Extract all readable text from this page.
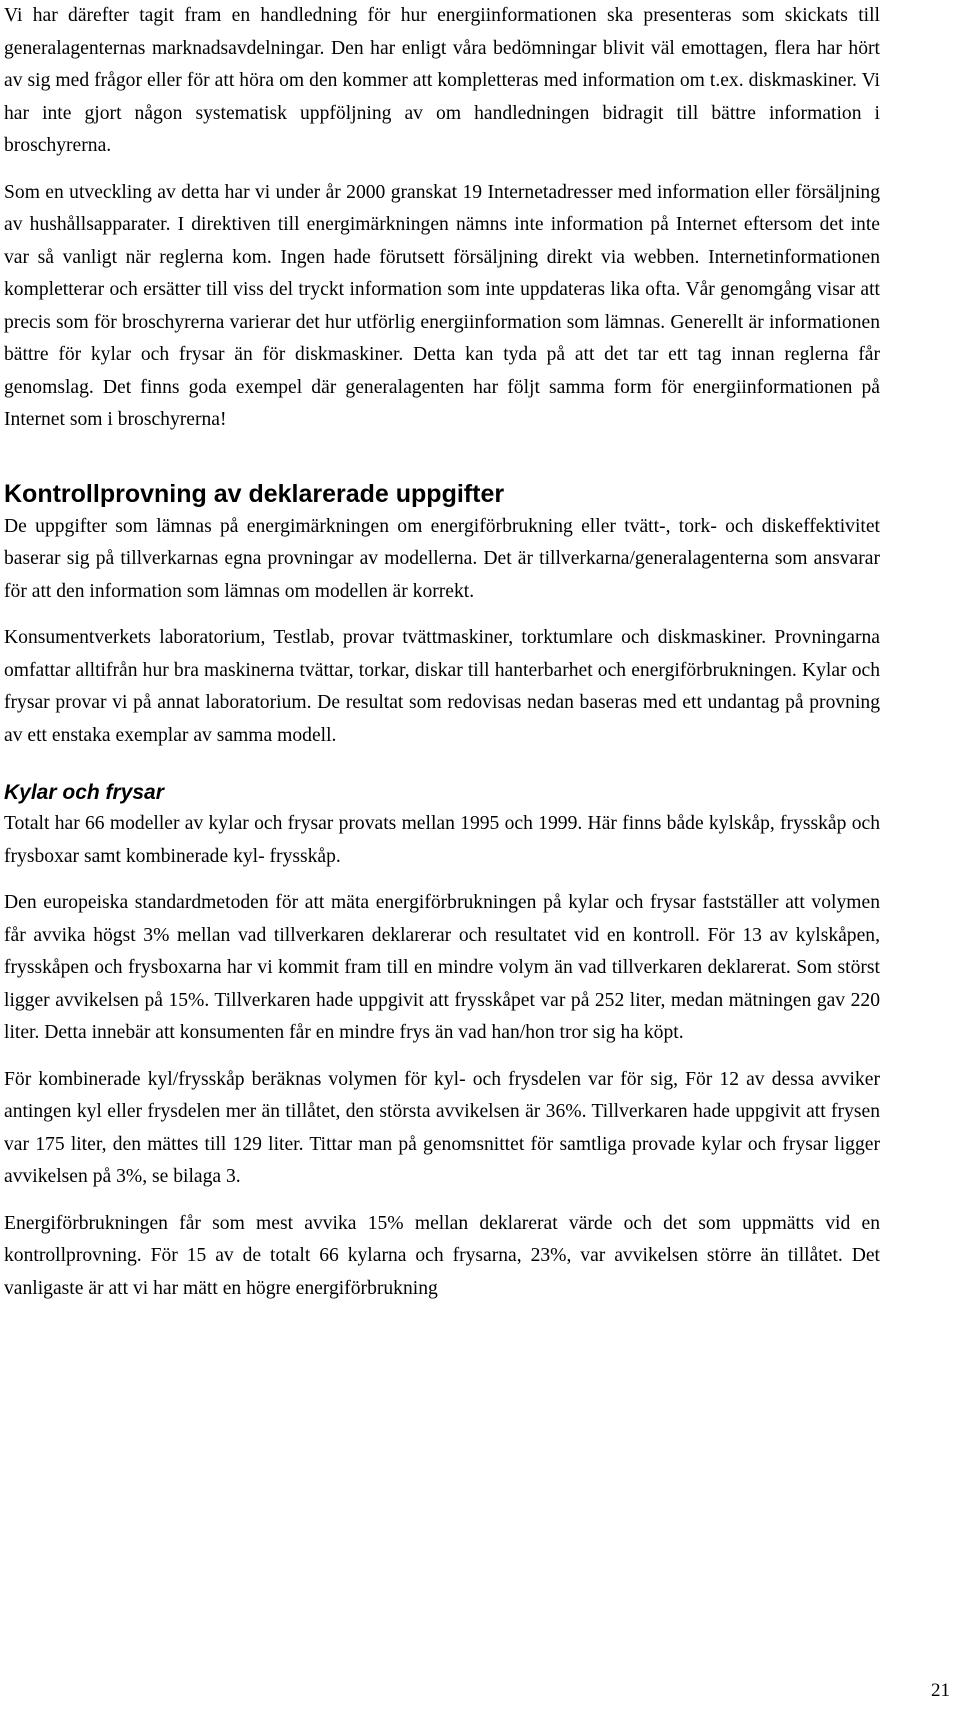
Vi har därefter tagit fram en handledning för hur energiinformationen ska presenteras som skickats till generalagenternas marknadsavdelningar. Den har enligt våra bedömningar blivit väl emottagen, flera har hört av sig med frågor eller för att höra om den kommer att kompletteras med information om t.ex. diskmaskiner. Vi har inte gjort någon systematisk uppföljning av om handledningen bidragit till bättre information i broschyrerna.

Som en utveckling av detta har vi under år 2000 granskat 19 Internetadresser med information eller försäljning av hushållsapparater. I direktiven till energimärkningen nämns inte information på Internet eftersom det inte var så vanligt när reglerna kom. Ingen hade förutsett försäljning direkt via webben. Internetinformationen kompletterar och ersätter till viss del tryckt information som inte uppdateras lika ofta. Vår genomgång visar att precis som för broschyrerna varierar det hur utförlig energiinformation som lämnas. Generellt är informationen bättre för kylar och frysar än för diskmaskiner. Detta kan tyda på att det tar ett tag innan reglerna får genomslag. Det finns goda exempel där generalagenten har följt samma form för energiinformationen på Internet som i broschyrerna!

Kontrollprovning av deklarerade uppgifter

De uppgifter som lämnas på energimärkningen om energiförbrukning eller tvätt-, tork- och diskeffektivitet baserar sig på tillverkarnas egna provningar av modellerna. Det är tillverkarna/generalagenterna som ansvarar för att den information som lämnas om modellen är korrekt.

Konsumentverkets laboratorium, Testlab, provar tvättmaskiner, torktumlare och diskmaskiner. Provningarna omfattar alltifrån hur bra maskinerna tvättar, torkar, diskar till hanterbarhet och energiförbrukningen. Kylar och frysar provar vi på annat laboratorium. De resultat som redovisas nedan baseras med ett undantag på provning av ett enstaka exemplar av samma modell.

Kylar och frysar

Totalt har 66 modeller av kylar och frysar provats mellan 1995 och 1999. Här finns både kylskåp, frysskåp och frysboxar samt kombinerade kyl- frysskåp.

Den europeiska standardmetoden för att mäta energiförbrukningen på kylar och frysar fastställer att volymen får avvika högst 3% mellan vad tillverkaren deklarerar och resultatet vid en kontroll. För 13 av kylskåpen, frysskåpen och frysboxarna har vi kommit fram till en mindre volym än vad tillverkaren deklarerat. Som störst ligger avvikelsen på 15%. Tillverkaren hade uppgivit att frysskåpet var på 252 liter, medan mätningen gav 220 liter. Detta innebär att konsumenten får en mindre frys än vad han/hon tror sig ha köpt.

För kombinerade kyl/frysskåp beräknas volymen för kyl- och frysdelen var för sig, För 12 av dessa avviker antingen kyl eller frysdelen mer än tillåtet, den största avvikelsen är 36%. Tillverkaren hade uppgivit att frysen var 175 liter, den mättes till 129 liter. Tittar man på genomsnittet för samtliga provade kylar och frysar ligger avvikelsen på 3%, se bilaga 3.

Energiförbrukningen får som mest avvika 15% mellan deklarerat värde och det som uppmätts vid en kontrollprovning. För 15 av de totalt 66 kylarna och frysarna, 23%, var avvikelsen större än tillåtet. Det vanligaste är att vi har mätt en högre energiförbrukning

21
